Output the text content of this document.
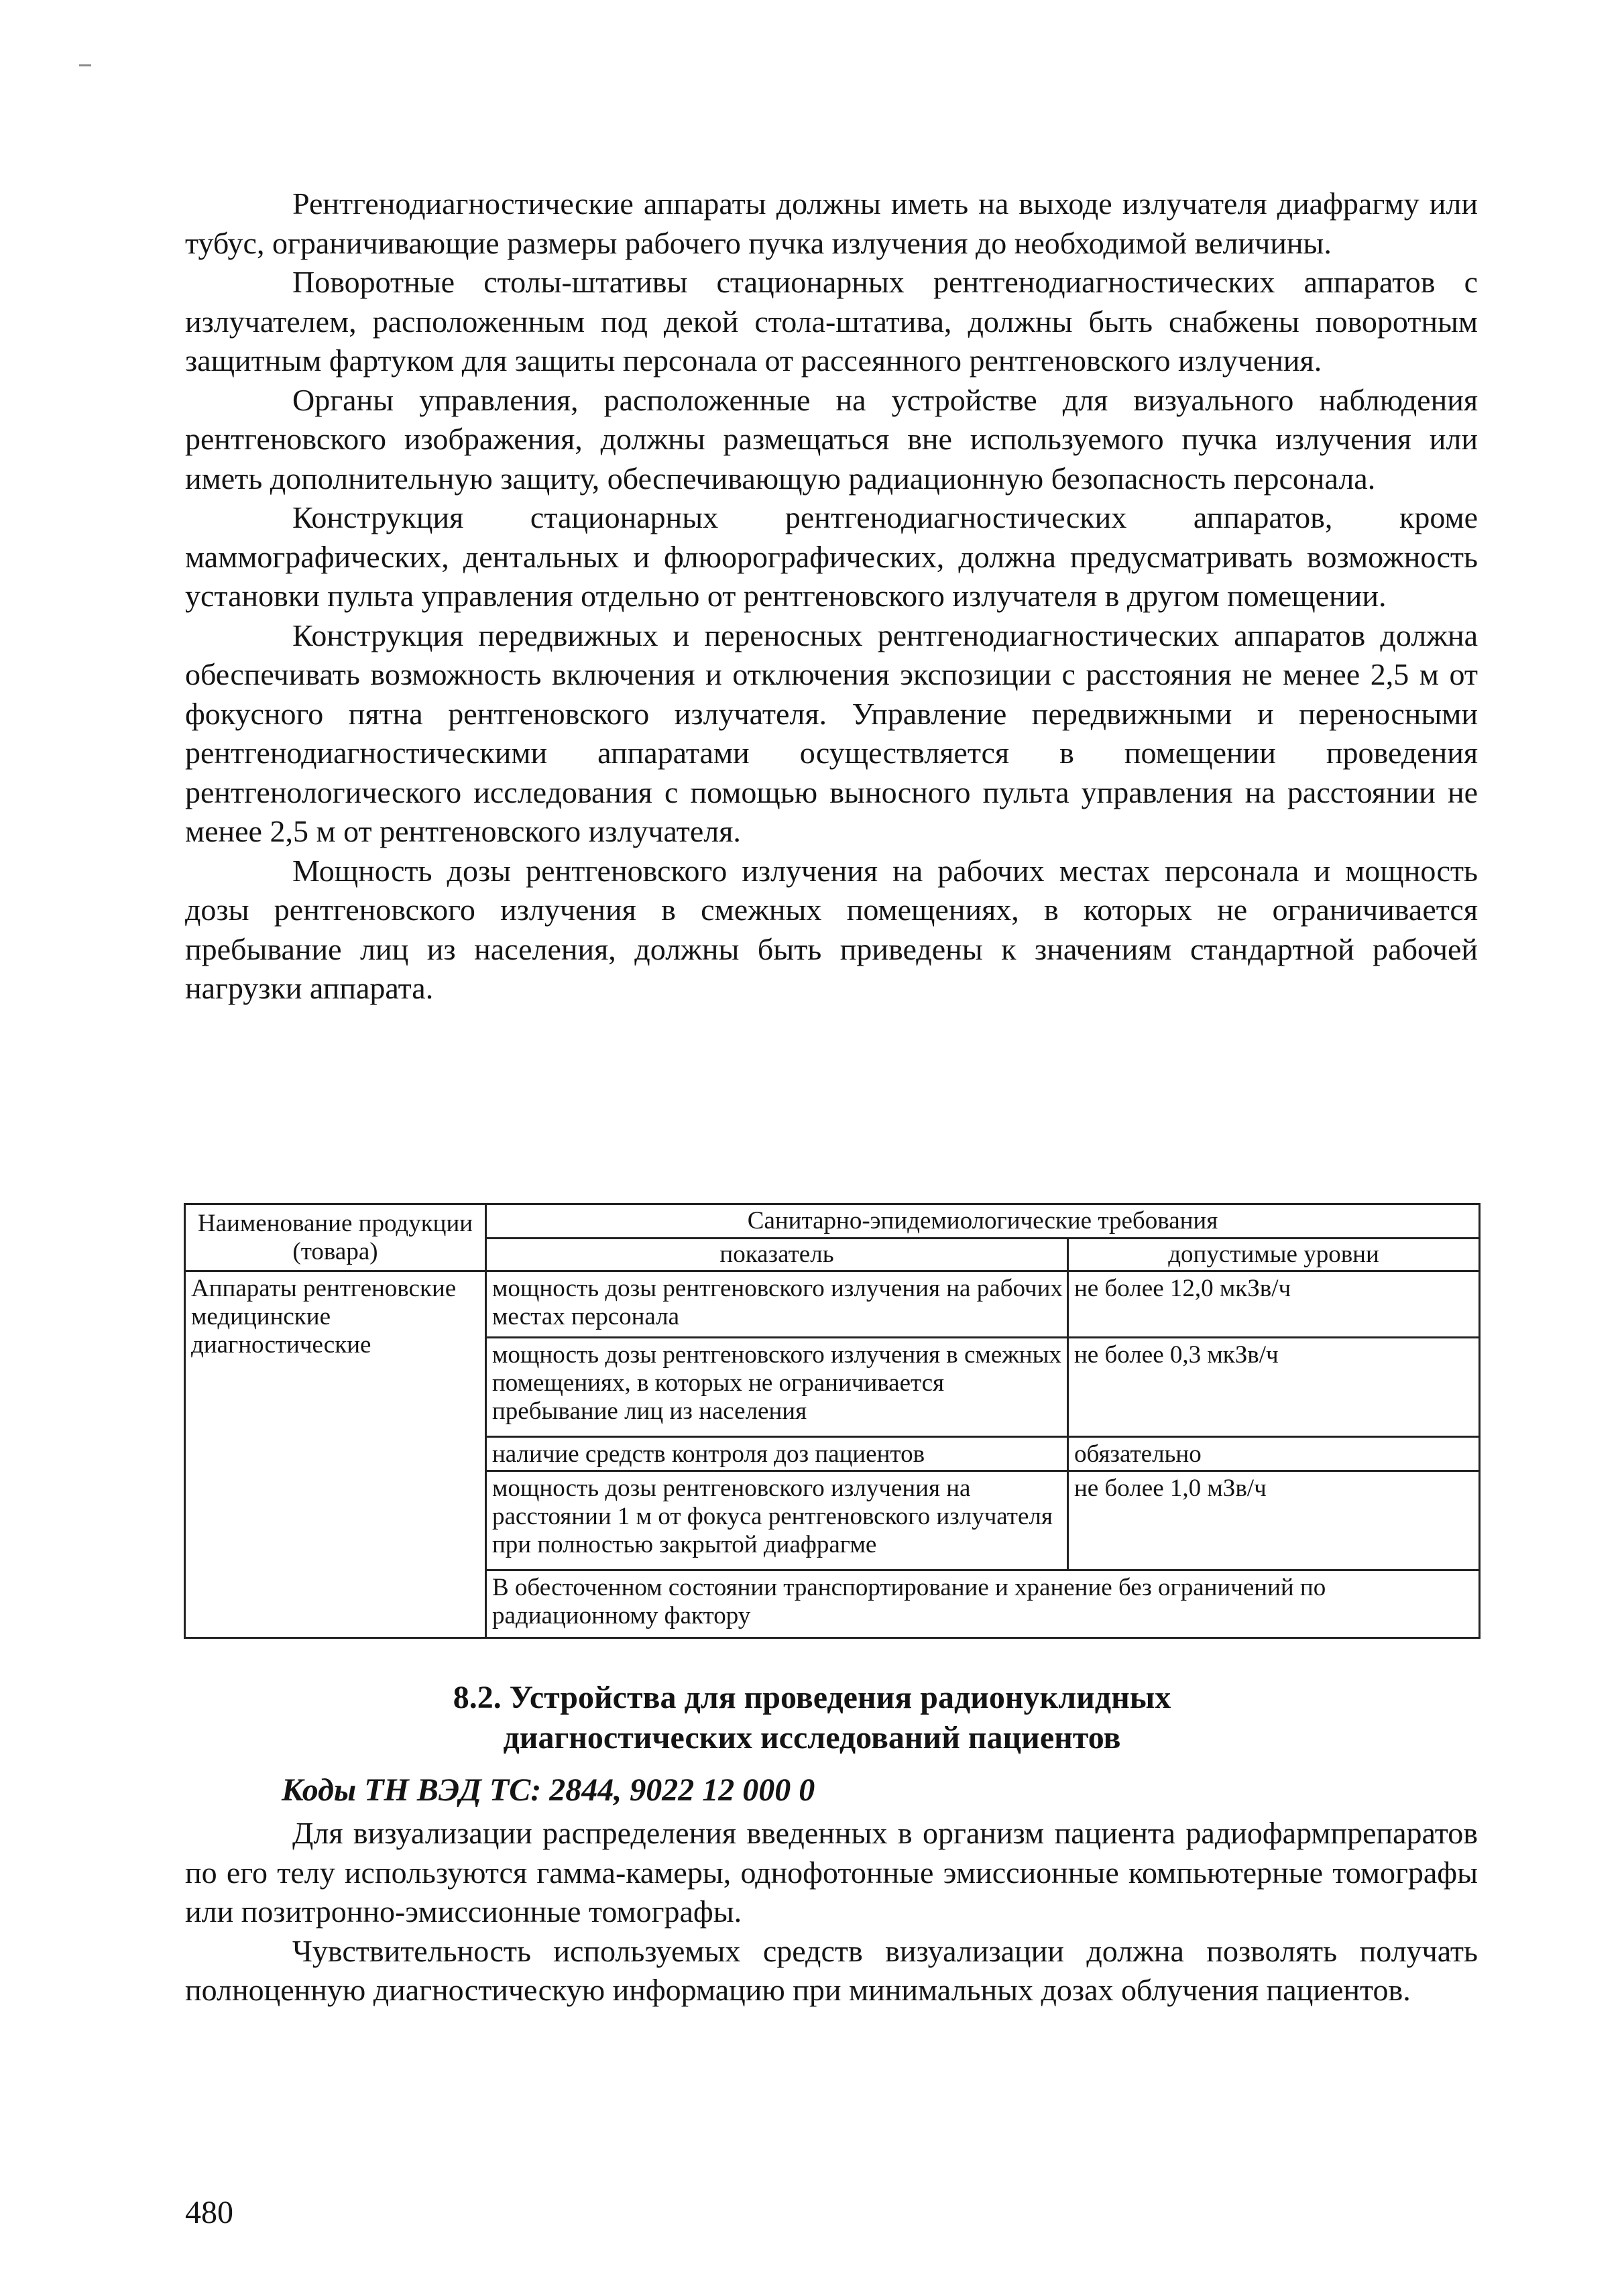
Рентгенодиагностические аппараты должны иметь на выходе излучателя диафрагму или тубус, ограничивающие размеры рабочего пучка излучения до необходимой величины.

Поворотные столы-штативы стационарных рентгенодиагностических аппаратов с излучателем, расположенным под декой стола-штатива, должны быть снабжены поворотным защитным фартуком для защиты персонала от рассеянного рентгеновского излучения.

Органы управления, расположенные на устройстве для визуального наблюдения рентгеновского изображения, должны размещаться вне используемого пучка излучения или иметь дополнительную защиту, обеспечивающую радиационную безопасность персонала.

Конструкция стационарных рентгенодиагностических аппаратов, кроме маммографических, дентальных и флюорографических, должна предусматривать возможность установки пульта управления отдельно от рентгеновского излучателя в другом помещении.

Конструкция передвижных и переносных рентгенодиагностических аппаратов должна обеспечивать возможность включения и отключения экспозиции с расстояния не менее 2,5 м от фокусного пятна рентгеновского излучателя. Управление передвижными и переносными рентгенодиагностическими аппаратами осуществляется в помещении проведения рентгенологического исследования с помощью выносного пульта управления на расстоянии не менее 2,5 м от рентгеновского излучателя.

Мощность дозы рентгеновского излучения на рабочих местах персонала и мощность дозы рентгеновского излучения в смежных помещениях, в которых не ограничивается пребывание лиц из населения, должны быть приведены к значениям стандартной рабочей нагрузки аппарата.

Наименование продукции (товара)	Санитарно-эпидемиологические требования	
	показатель	допустимые уровни
Аппараты рентгеновские медицинские диагностические	мощность дозы рентгеновского излучения на рабочих местах персонала	не более 12,0 мкЗв/ч
	мощность дозы рентгеновского излучения в смежных помещениях, в которых не ограничивается пребывание лиц из населения	не более 0,3 мкЗв/ч
	наличие средств контроля доз пациентов	обязательно
	мощность дозы рентгеновского излучения на расстоянии 1 м от фокуса рентгеновского излучателя при полностью закрытой диафрагме	не более 1,0 мЗв/ч
	В обесточенном состоянии транспортирование и хранение без ограничений по радиационному фактору	
8.2. Устройства для проведения радионуклидных
диагностических исследований пациентов
Коды ТН ВЭД ТС: 2844, 9022 12 000 0

Для визуализации распределения введенных в организм пациента радиофармпрепаратов по его телу используются гамма-камеры, однофотонные эмиссионные компьютерные томографы или позитронно-эмиссионные томографы.

Чувствительность используемых средств визуализации должна позволять получать полноценную диагностическую информацию при минимальных дозах облучения пациентов.

480
